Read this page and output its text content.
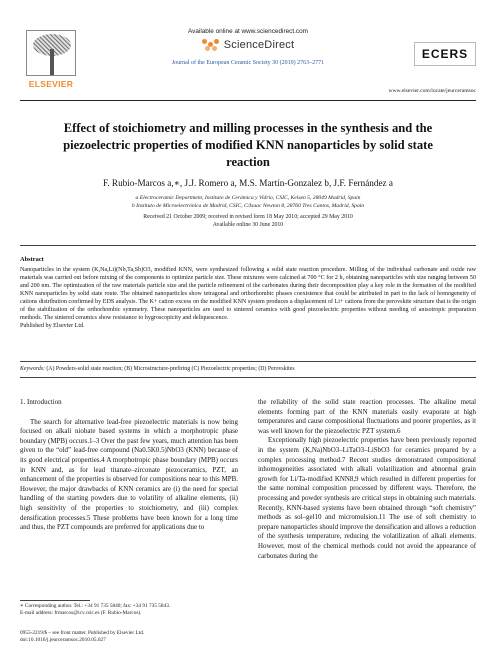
ELSEVIER
Available online at www.sciencedirect.com
ScienceDirect
Journal of the European Ceramic Society 30 (2010) 2763–2771
ECERS
www.elsevier.com/locate/jeurceramsoc
Effect of stoichiometry and milling processes in the synthesis and the piezoelectric properties of modified KNN nanoparticles by solid state reaction
F. Rubio-Marcos a,∗, J.J. Romero a, M.S. Martín-Gonzalez b, J.F. Fernández a
a Electroceramic Department, Instituto de Cerámica y Vidrio, CSIC, Kelsen 5, 28049 Madrid, Spain
b Instituto de Microelectrónica de Madrid, CSIC, C/Isaac Newton 8, 28760 Tres Cantos, Madrid, Spain
Received 21 October 2009; received in revised form 18 May 2010; accepted 29 May 2010
Available online 30 June 2010
Abstract
Nanoparticles in the system (K,Na,Li)(Nb,Ta,Sb)O3, modified KNN, were synthesized following a solid state reaction procedure. Milling of the individual carbonate and oxide raw materials was carried out before mixing of the components to optimize particle size. These mixtures were calcined at 700 °C for 2 h, obtaining nanoparticles with size ranging between 50 and 200 nm. The optimization of the raw materials particle size and the particle refinement of the carbonates during their decomposition play a key role in the formation of the modified KNN nanoparticles by solid state route. The obtained nanoparticles show tetragonal and orthorhombic phases coexistence that could be attributed in part to the lack of homogeneity of cations distribution confirmed by EDS analysis. The K+ cation excess on the modified KNN system produces a displacement of Li+ cations from the perovskite structure that is the origin of the stabilization of the orthorhombic symmetry. These nanoparticles are used to sintered ceramics with good piezoelectric properties without needing of anisotropic preparation methods. The sintered ceramics show resistance to hygroscopicity and deliquescence.
Published by Elsevier Ltd.
Keywords: (A) Powders-solid state reaction; (B) Microstructure-prefiring (C) Piezoelectric properties; (D) Perovskites
1. Introduction

The search for alternative lead-free piezoelectric materials is now being focused on alkali niobate based systems in which a morphotropic phase boundary (MPB) occurs.1–3 Over the past few years, much attention has been given to the “old” lead-free compound (Na0.5K0.5)NbO3 (KNN) because of its good electrical properties.4 A morphotropic phase boundary (MPB) occurs in KNN and, as for lead titanate–zirconate piezoceramics, PZT, an enhancement of the properties is observed for compositions near to this MPB. However, the major drawbacks of KNN ceramics are (i) the need for special handling of the starting powders due to volatility of alkaline elements, (ii) high sensitivity of the properties to stoichiometry, and (iii) complex densification processes.5 These problems have been known for a long time and thus, the PZT compounds are preferred for applications due to

the reliability of the solid state reaction processes. The alkaline metal elements forming part of the KNN materials easily evaporate at high temperatures and cause compositional fluctuations and poorer properties, as it was well known for the piezoelectric PZT system.6

Exceptionally high piezoelectric properties have been previously reported in the system (K,Na)NbO3–LiTaO3–LiSbO3 for ceramics prepared by a complex processing method.7 Recent studies demonstrated compositional inhomogeneities associated with alkali volatilization and abnormal grain growth for Li/Ta-modified KNN8,9 which resulted in different properties for the same nominal composition processed by different ways. Therefore, the processing and powder synthesis are critical steps in obtaining such materials. Recently, KNN-based systems have been obtained through “soft chemistry” methods as sol–gel10 and micromulsion.11 The use of soft chemistry to prepare nanoparticles should improve the densification and allows a reduction of the synthesis temperature, reducing the volatilization of alkali elements. However, most of the chemical methods could not avoid the appearance of carbonates during the

∗ Corresponding author. Tel.: +34 91 735 5840; fax: +34 91 735 5843.
E-mail address: frmarcos@icv.csic.es (F. Rubio-Marcos).
0955-2219/$ – see front matter. Published by Elsevier Ltd.
doi:10.1016/j.jeurceramsoc.2010.05.027
